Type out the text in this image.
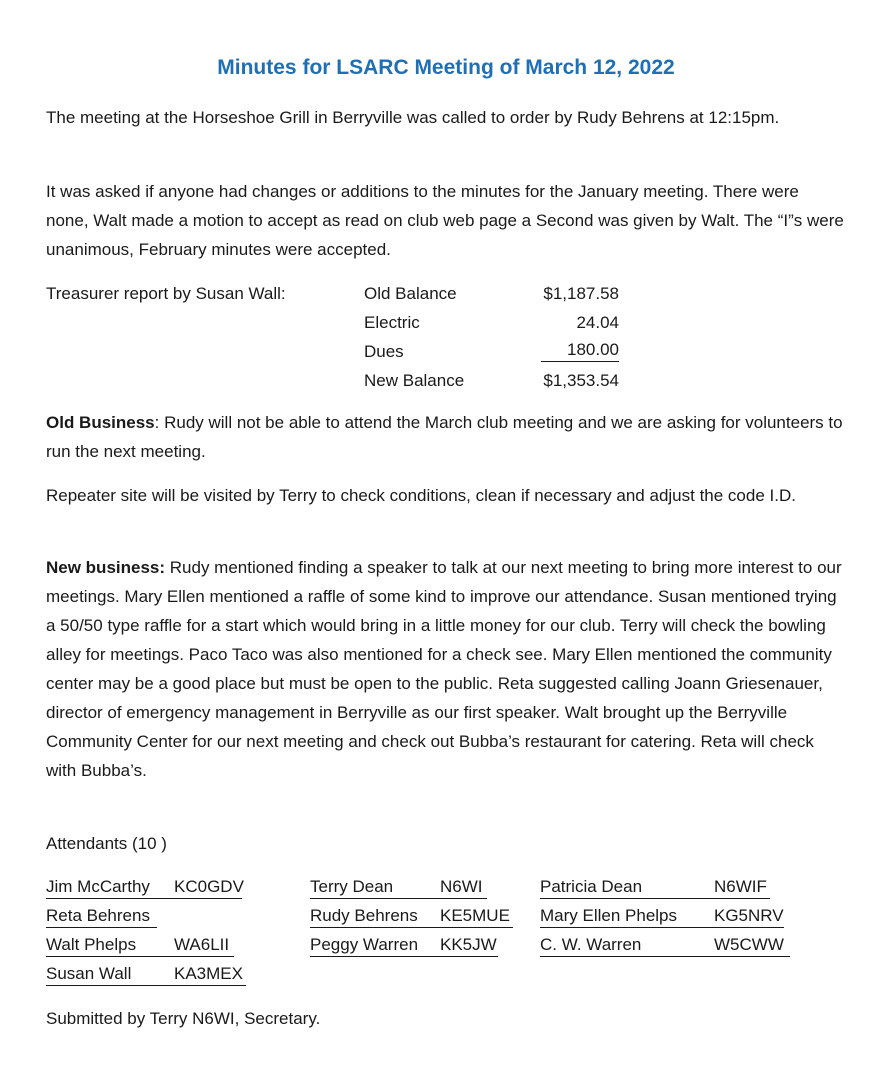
Minutes for LSARC Meeting of March 12, 2022
The meeting at the Horseshoe Grill in Berryville was called to order by Rudy Behrens at 12:15pm.
It was asked if anyone had changes or additions to the minutes for the January meeting. There were none, Walt made a motion to accept as read on club web page a Second was given by Walt. The “I”s were unanimous, February minutes were accepted.
Treasurer report by Susan Wall:	Old Balance	$1,187.58
Electric	24.04
Dues	180.00
New Balance	$1,353.54
Old Business: Rudy will not be able to attend the March club meeting and we are asking for volunteers to run the next meeting.
Repeater site will be visited by Terry to check conditions, clean if necessary and adjust the code I.D.
New business: Rudy mentioned finding a speaker to talk at our next meeting to bring more interest to our meetings. Mary Ellen mentioned a raffle of some kind to improve our attendance. Susan mentioned trying a 50/50 type raffle for a start which would bring in a little money for our club. Terry will check the bowling alley for meetings. Paco Taco was also mentioned for a check see. Mary Ellen mentioned the community center may be a good place but must be open to the public. Reta suggested calling Joann Griesenauer, director of emergency management in Berryville as our first speaker. Walt brought up the Berryville Community Center for our next meeting and check out Bubba’s restaurant for catering. Reta will check with Bubba’s.
Attendants (10 )
Jim McCarthy KC0GDV
Reta Behrens
Walt Phelps WA6LII
Susan Wall	KA3MEX
Terry Dean	N6WI
Rudy Behrens KE5MUE
Peggy Warren KK5JW
Patricia Dean	N6WIF
Mary Ellen Phelps KG5NRV
C. W. Warren	W5CWW
Submitted by Terry N6WI, Secretary.
